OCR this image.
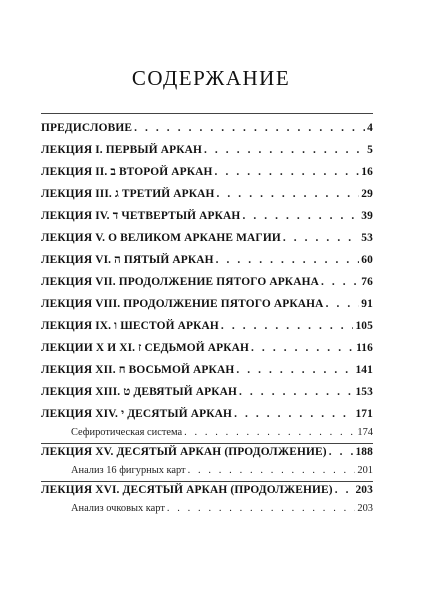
СОДЕРЖАНИЕ
ПРЕДИСЛОВИЕ . . .	4
ЛЕКЦИЯ I. ПЕРВЫЙ АРКАН . . .	5
ЛЕКЦИЯ II. ב ВТОРОЙ АРКАН . . .	16
ЛЕКЦИЯ III. ג ТРЕТИЙ АРКАН . . .	29
ЛЕКЦИЯ IV. ד ЧЕТВЕРТЫЙ АРКАН . . .	39
ЛЕКЦИЯ V. О ВЕЛИКОМ АРКАНЕ МАГИИ . . .	53
ЛЕКЦИЯ VI. ה ПЯТЫЙ АРКАН . . .	60
ЛЕКЦИЯ VII. ПРОДОЛЖЕНИЕ ПЯТОГО АРКАНА . . .	76
ЛЕКЦИЯ VIII. ПРОДОЛЖЕНИЕ ПЯТОГО АРКАНА . . .	91
ЛЕКЦИЯ IX. ו ШЕСТОЙ АРКАН . . .	105
ЛЕКЦИИ X И XI. ז СЕДЬМОЙ АРКАН . . .	116
ЛЕКЦИЯ XII. ח ВОСЬМОЙ АРКАН . . .	141
ЛЕКЦИЯ XIII. ט ДЕВЯТЫЙ АРКАН . . .	153
ЛЕКЦИЯ XIV. י ДЕСЯТЫЙ АРКАН . . .	171
Сефиротическая система . . .	174
ЛЕКЦИЯ XV. ДЕСЯТЫЙ АРКАН (ПРОДОЛЖЕНИЕ) . . .	188
Анализ 16 фигурных карт . . .	201
ЛЕКЦИЯ XVI. ДЕСЯТЫЙ АРКАН (ПРОДОЛЖЕНИЕ) . . . 203
Анализ очковых карт . . .	203
